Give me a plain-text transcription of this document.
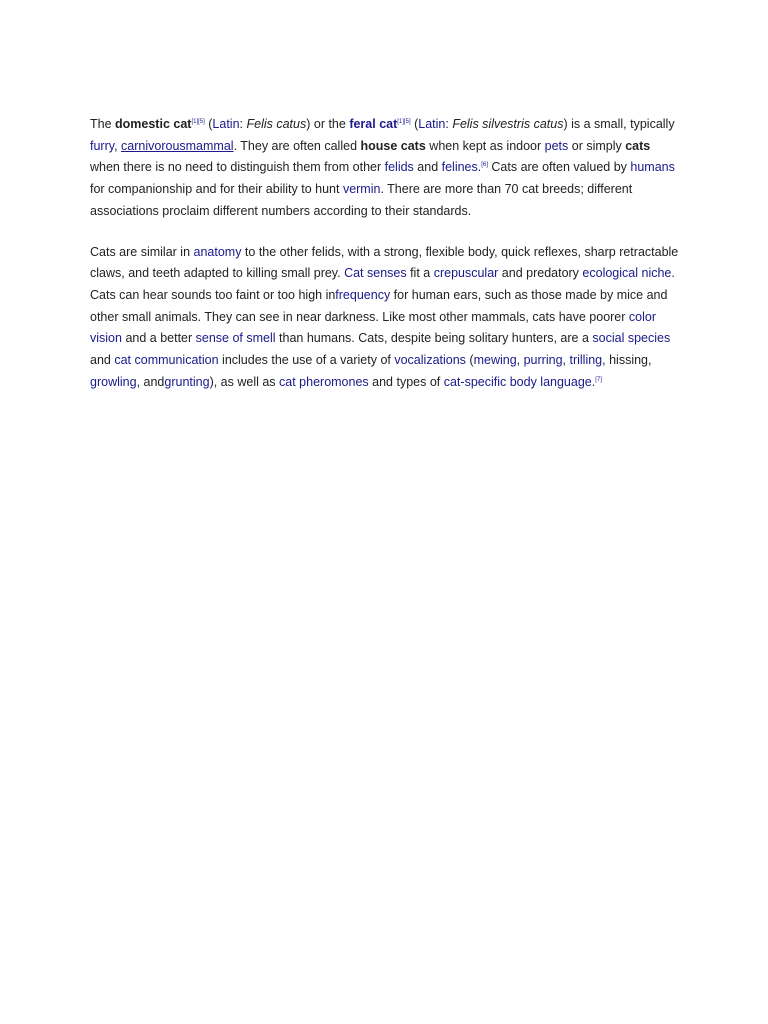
The domestic cat[1][5] (Latin: Felis catus) or the feral cat[1][5] (Latin: Felis silvestris catus) is a small, typically furry, carnivorousmammal. They are often called house cats when kept as indoor pets or simply cats when there is no need to distinguish them from other felids and felines.[6] Cats are often valued by humans for companionship and for their ability to hunt vermin. There are more than 70 cat breeds; different associations proclaim different numbers according to their standards.

Cats are similar in anatomy to the other felids, with a strong, flexible body, quick reflexes, sharp retractable claws, and teeth adapted to killing small prey. Cat senses fit a crepuscular and predatory ecological niche. Cats can hear sounds too faint or too high infrequency for human ears, such as those made by mice and other small animals. They can see in near darkness. Like most other mammals, cats have poorer color vision and a better sense of smell than humans. Cats, despite being solitary hunters, are a social species and cat communication includes the use of a variety of vocalizations (mewing, purring, trilling, hissing, growling, andgrunting), as well as cat pheromones and types of cat-specific body language.[7]
